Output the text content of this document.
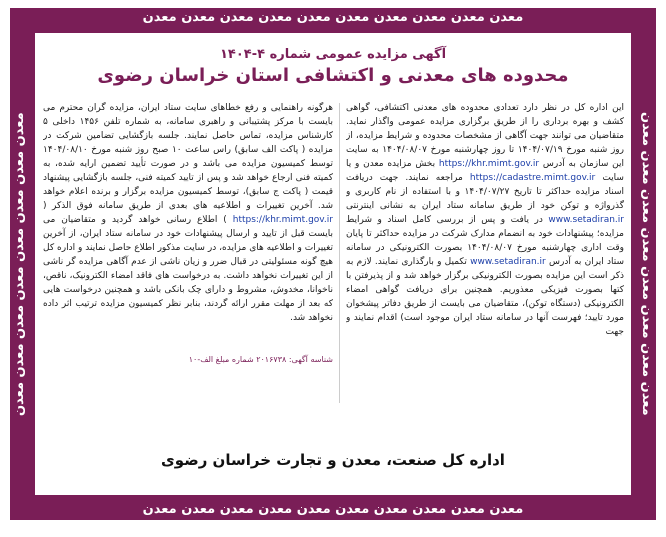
معدن معدن معدن معدن معدن معدن معدن معدن معدن معدن
معدن معدن معدن معدن معدن معدن معدن معدن معدن معدن
معدن معدن معدن معدن معدن معدن معدن معدن	معدن معدن معدن معدن معدن معدن معدن معدن
آگهی مزایده عمومی شماره ۴-۱۴۰۴
محدوده های معدنی و اکتشافی استان خراسان رضوی
این اداره کل در نظر دارد تعدادی محدوده های معدنی اکتشافی، گواهی کشف و بهره برداری را از طریق برگزاری مزایده عمومی واگذار نماید. متقاضیان می توانند جهت آگاهی از مشخصات محدوده و شرایط مزایده، از روز شنبه مورخ ۱۴۰۴/۰۷/۱۹ تا روز چهارشنبه مورخ ۱۴۰۴/۰۸/۰۷ به سایت این سازمان به آدرس https://khr.mimt.gov.ir بخش مزایده معدن و یا سایت https://cadastre.mimt.gov.ir مراجعه نمایند. جهت دریافت اسناد مزایده حداکثر تا تاریخ ۱۴۰۴/۰۷/۲۷ و با استفاده از نام کاربری و گذرواژه و توکن خود از طریق سامانه ستاد ایران به نشانی اینترنتی www.setadiran.ir در یافت و پس از بررسی کامل اسناد و شرایط مزایده؛ پیشنهادات خود به انضمام مدارک شرکت در مزایده حداکثر تا پایان وقت اداری چهارشنبه مورخ ۱۴۰۴/۰۸/۰۷ بصورت الکترونیکی در سامانه ستاد ایران به آدرس www.setadiran.ir تکمیل و بارگذاری نمایند. لازم به ذکر است این مزایده بصورت الکترونیکی برگزار خواهد شد و از پذیرفتن با کتها بصورت فیزیکی معذوریم. همچنین برای دریافت گواهی امضاء الکترونیکی (دستگاه توکن)، متقاضیان می بایست از طریق دفاتر پیشخوان مورد تایید؛ فهرست آنها در سامانه ستاد ایران موجود است) اقدام نمایند و جهت
هرگونه راهنمایی و رفع خطاهای سایت ستاد ایران، مزایده گران محترم می بایست با مرکز پشتیبانی و راهبری سامانه، به شماره تلفن ۱۴۵۶ داخلی ۵ کارشناس مزایده، تماس حاصل نمایند. جلسه بازگشایی تضامین شرکت در مزایده ( پاکت الف سابق) راس ساعت ۱۰ صبح روز شنبه مورخ ۱۴۰۴/۰۸/۱۰ توسط کمیسیون مزایده می باشد و در صورت تأیید تضمین ارایه شده، به کمیته فنی ارجاع خواهد شد و پس از تایید کمیته فنی، جلسه بازگشایی پیشنهاد قیمت ( پاکت ج سابق)، توسط کمیسیون مزایده برگزار و برنده اعلام خواهد شد. آخرین تغییرات و اطلاعیه های بعدی از طریق سامانه فوق الذکر ( https://khr.mimt.gov.ir ) اطلاع رسانی خواهد گردید و متقاضیان می بایست قبل از تایید و ارسال پیشنهادات خود در سامانه ستاد ایران، از آخرین تغییرات و اطلاعیه های مزایده، در سایت مذکور اطلاع حاصل نمایند و اداره کل هیچ گونه مسئولیتی در قبال ضرر و زیان ناشی از عدم آگاهی مزایده گر ناشی از این تغییرات نخواهد داشت. به درخواست های فاقد امضاء الکترونیک، ناقص، ناخوانا، مخدوش، مشروط و دارای چک بانکی باشد و همچنین درخواست هایی که بعد از مهلت مقرر ارائه گردند، بنابر نظر کمیسیون مزایده ترتیب اثر داده نخواهد شد.
شناسه آگهی: ۲۰۱۶۷۳۸ شماره مبلغ الف-۱۰
اداره کل صنعت، معدن و تجارت خراسان رضوی
